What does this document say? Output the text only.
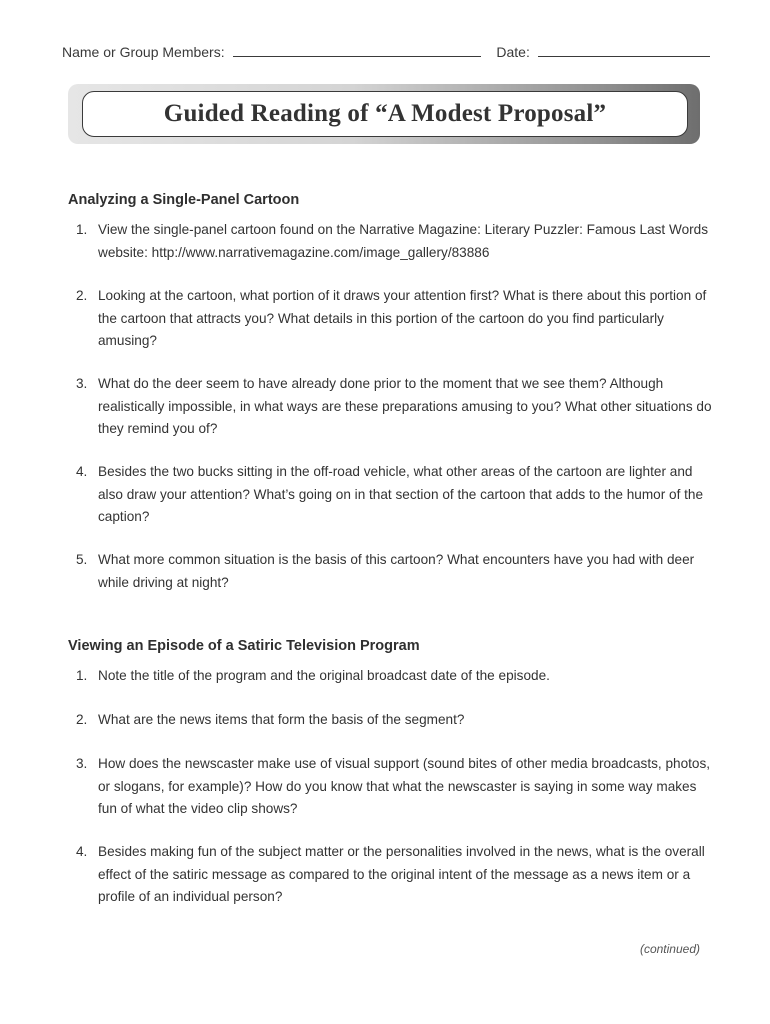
Name or Group Members:	Date:
Guided Reading of “A Modest Proposal”
Analyzing a Single-Panel Cartoon
1. View the single-panel cartoon found on the Narrative Magazine: Literary Puzzler: Famous Last Words website: http://www.narrativemagazine.com/image_gallery/83886
2. Looking at the cartoon, what portion of it draws your attention first? What is there about this portion of the cartoon that attracts you? What details in this portion of the cartoon do you find particularly amusing?
3. What do the deer seem to have already done prior to the moment that we see them? Although realistically impossible, in what ways are these preparations amusing to you? What other situations do they remind you of?
4. Besides the two bucks sitting in the off-road vehicle, what other areas of the cartoon are lighter and also draw your attention? What’s going on in that section of the cartoon that adds to the humor of the caption?
5. What more common situation is the basis of this cartoon? What encounters have you had with deer while driving at night?
Viewing an Episode of a Satiric Television Program
1. Note the title of the program and the original broadcast date of the episode.
2. What are the news items that form the basis of the segment?
3. How does the newscaster make use of visual support (sound bites of other media broadcasts, photos, or slogans, for example)? How do you know that what the newscaster is saying in some way makes fun of what the video clip shows?
4. Besides making fun of the subject matter or the personalities involved in the news, what is the overall effect of the satiric message as compared to the original intent of the message as a news item or a profile of an individual person?
(continued)
